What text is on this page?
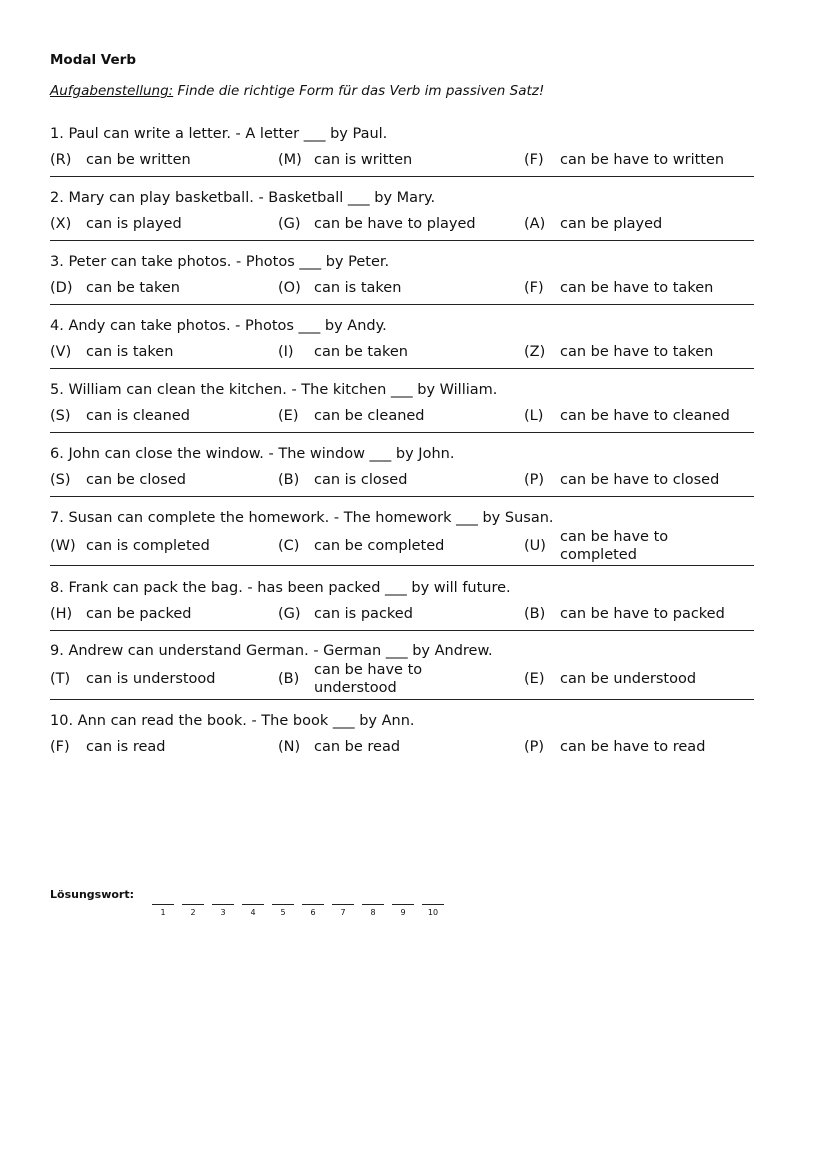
Modal Verb
Aufgabenstellung: Finde die richtige Form für das Verb im passiven Satz!
1. Paul can write a letter. - A letter ___ by Paul.
(R)	can be written	(M) can is written	(F)	can be have to written
2. Mary can play basketball. - Basketball ___ by Mary.
(X)	can is played	(G) can be have to played	(A)	can be played
3. Peter can take photos. - Photos ___ by Peter.
(D) can be taken	(O) can is taken	(F)	can be have to taken
4. Andy can take photos. - Photos ___ by Andy.
(V)	can is taken	(I)	can be taken	(Z)	can be have to taken
5. William can clean the kitchen. - The kitchen ___ by William.
(S)	can is cleaned	(E)	can be cleaned	(L)	can be have to cleaned
6. John can close the window. - The window ___ by John.
(S)	can be closed	(B)	can is closed	(P)	can be have to closed
7. Susan can complete the homework. - The homework ___ by Susan.
(W) can is completed	(C)	can be completed	(U)
can be have to completed
8. Frank can pack the bag. - has been packed ___ by will future.
(H) can be packed	(G) can is packed	(B)	can be have to packed
9. Andrew can understand German. - German ___ by Andrew.
(T)	can is understood	(B)
can be have to understood
(E)	can be understood
10. Ann can read the book. - The book ___ by Ann.
(F)	can is read	(N) can be read	(P)	can be have to read
Lösungswort:
1	2	3	4	5	6	7	8	9	10
